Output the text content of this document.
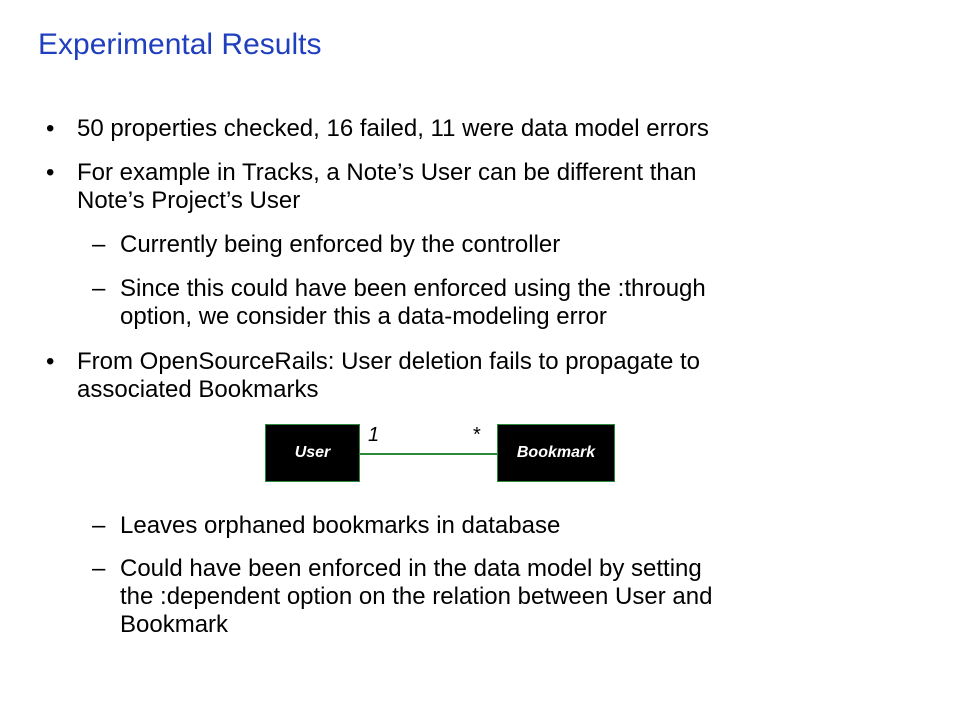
Experimental Results
• 50 properties checked, 16 failed, 11 were data model errors
• For example in Tracks, a Note’s User can be different than
Note’s Project’s User
– Currently being enforced by the controller
– Since this could have been enforced using the :through
option, we consider this a data-modeling error
• From OpenSourceRails: User deletion fails to propagate to
associated Bookmarks
– Leaves orphaned bookmarks in database
– Could have been enforced in the data model by setting
the :dependent option on the relation between User and
Bookmark
User
1	*
Bookmark
